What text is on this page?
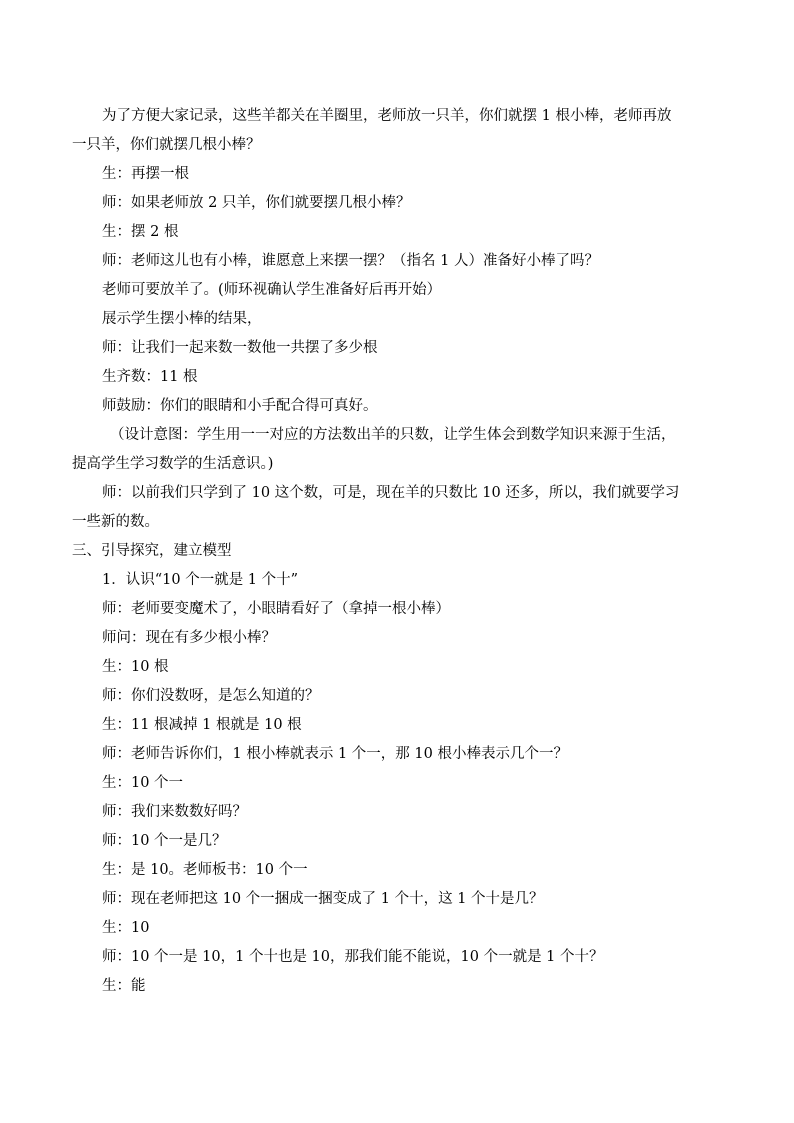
为了方便大家记录，这些羊都关在羊圈里，老师放一只羊，你们就摆 1 根小棒，老师再放
一只羊，你们就摆几根小棒？
生：再摆一根
师：如果老师放 2 只羊，你们就要摆几根小棒？
生：摆 2 根
师：老师这儿也有小棒，谁愿意上来摆一摆？（指名 1 人）准备好小棒了吗？
老师可要放羊了。(师环视确认学生准备好后再开始）
展示学生摆小棒的结果，
师：让我们一起来数一数他一共摆了多少根
生齐数：11 根
师鼓励：你们的眼睛和小手配合得可真好。
（设计意图：学生用一一对应的方法数出羊的只数，让学生体会到数学知识来源于生活，
提高学生学习数学的生活意识。)
师：以前我们只学到了 10 这个数，可是，现在羊的只数比 10 还多，所以，我们就要学习
一些新的数。
三、引导探究，建立模型
1．认识“10 个一就是 1 个十”
师：老师要变魔术了，小眼睛看好了（拿掉一根小棒）
师问：现在有多少根小棒？
生：10 根
师：你们没数呀，是怎么知道的？
生：11 根减掉 1 根就是 10 根
师：老师告诉你们，1 根小棒就表示 1 个一，那 10 根小棒表示几个一？
生：10 个一
师：我们来数数好吗？
师：10 个一是几？
生：是 10。老师板书：10 个一
师：现在老师把这 10 个一捆成一捆变成了 1 个十，这 1 个十是几？
生：10
师：10 个一是 10，1 个十也是 10，那我们能不能说，10 个一就是 1 个十？
生：能
